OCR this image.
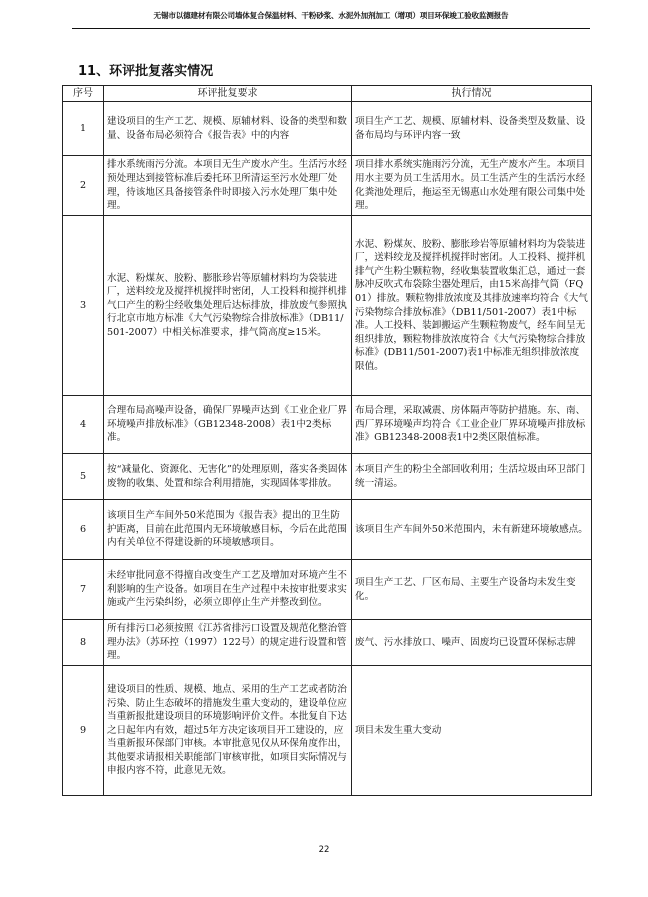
无锡市以德建材有限公司墙体复合保温材料、干粉砂浆、水泥外加剂加工（增项）项目环保竣工验收监测报告
11、环评批复落实情况
序号	环评批复要求	执行情况
1	建设项目的生产工艺、规模、原辅材料、设备的类型和数量、设备布局必须符合《报告表》中的内容	项目生产工艺、规模、原辅材料、设备类型及数量、设备布局均与环评内容一致
2	排水系统雨污分流。本项目无生产废水产生。生活污水经预处理达到接管标准后委托环卫所清运至污水处理厂处理，待该地区具备接管条件时即接入污水处理厂集中处理。	项目排水系统实施雨污分流，无生产废水产生。本项目用水主要为员工生活用水。员工生活产生的生活污水经化粪池处理后，拖运至无锡惠山水处理有限公司集中处理。
3	水泥、粉煤灰、胶粉、膨胀珍岩等原辅材料均为袋装进厂，送料绞龙及搅拌机搅拌时密闭，人工投料和搅拌机排气口产生的粉尘经收集处理后达标排放，排放废气参照执行北京市地方标准《大气污染物综合排放标准》（DB11/501-2007）中相关标准要求，排气筒高度≥15米。	水泥、粉煤灰、胶粉、膨胀珍岩等原辅材料均为袋装进厂，送料绞龙及搅拌机搅拌时密闭。人工投料、搅拌机排气产生粉尘颗粒物，经收集装置收集汇总，通过一套脉冲反吹式布袋除尘器处理后，由15米高排气筒（FQ01）排放。颗粒物排放浓度及其排放速率均符合《大气污染物综合排放标准》（DB11/501-2007）表1中标准。人工投料、装卸搬运产生颗粒物废气，经车间呈无组织排放，颗粒物排放浓度符合《大气污染物综合排放标准》(DB11/501-2007)表1中标准无组织排放浓度限值。
4	合理布局高噪声设备，确保厂界噪声达到《工业企业厂界环境噪声排放标准》（GB12348-2008）表1中2类标准。	布局合理，采取减震、房体隔声等防护措施。东、南、西厂界环境噪声均符合《工业企业厂界环境噪声排放标准》GB12348-2008表1中2类区限值标准。
5	按“减量化、资源化、无害化”的处理原则，落实各类固体废物的收集、处置和综合利用措施，实现固体零排放。	本项目产生的粉尘全部回收利用；生活垃圾由环卫部门统一清运。
6	该项目生产车间外50米范围为《报告表》提出的卫生防护距离，目前在此范围内无环境敏感目标，今后在此范围内有关单位不得建设新的环境敏感项目。	该项目生产车间外50米范围内，未有新建环境敏感点。
7	未经审批同意不得擅自改变生产工艺及增加对环境产生不利影响的生产设备。如项目在生产过程中未按审批要求实施或产生污染纠纷，必须立即停止生产并整改到位。	项目生产工艺、厂区布局、主要生产设备均未发生变化。
8	所有排污口必须按照《江苏省排污口设置及规范化整治管理办法》（苏环控（1997）122号）的规定进行设置和管理。	废气、污水排放口、噪声、固废均已设置环保标志牌
9	建设项目的性质、规模、地点、采用的生产工艺或者防治污染、防止生态破坏的措施发生重大变动的，建设单位应当重新报批建设项目的环境影响评价文件。本批复自下达之日起年内有效，超过5年方决定该项目开工建设的，应当重新报环保部门审核。本审批意见仅从环保角度作出，其他要求请报相关职能部门审核审批，如项目实际情况与申报内容不符，此意见无效。	项目未发生重大变动
22
